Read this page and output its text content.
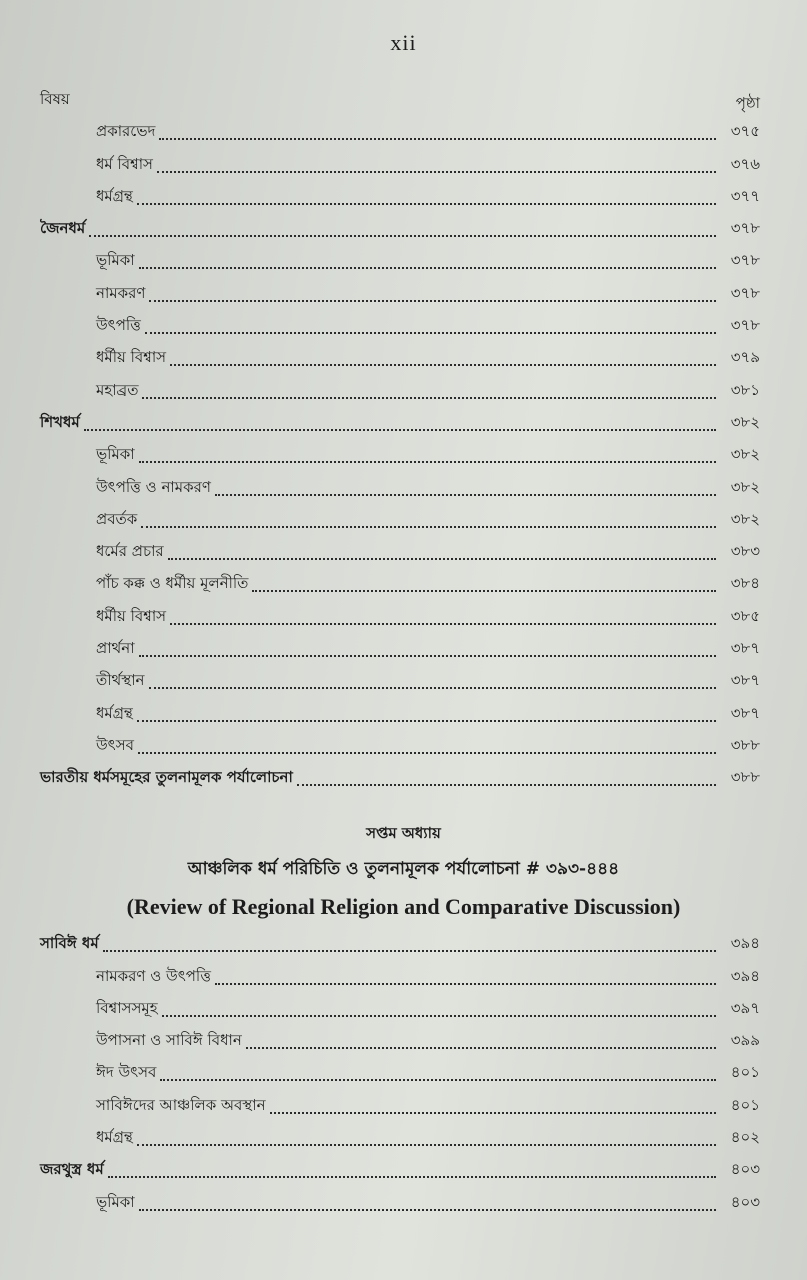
xii
বিষয়	পৃষ্ঠা
প্রকারভেদ	৩৭৫
ধর্ম বিশ্বাস	৩৭৬
ধর্মগ্রন্থ	৩৭৭
জৈনধর্ম	৩৭৮
ভূমিকা	৩৭৮
নামকরণ	৩৭৮
উৎপত্তি	৩৭৮
ধর্মীয় বিশ্বাস	৩৭৯
মহাব্রত	৩৮১
শিখধর্ম	৩৮২
ভূমিকা	৩৮২
উৎপত্তি ও নামকরণ	৩৮২
প্রবর্তক	৩৮২
ধর্মের প্রচার	৩৮৩
পাঁচ কক্ক ও ধর্মীয় মূলনীতি	৩৮৪
ধর্মীয় বিশ্বাস	৩৮৫
প্রার্থনা	৩৮৭
তীর্থস্থান	৩৮৭
ধর্মগ্রন্থ	৩৮৭
উৎসব	৩৮৮
ভারতীয় ধর্মসমূহের তুলনামূলক পর্যালোচনা	৩৮৮
সপ্তম অধ্যায়
আঞ্চলিক ধর্ম পরিচিতি ও তুলনামূলক পর্যালোচনা # ৩৯৩-৪৪৪
(Review of Regional Religion and Comparative Discussion)
সাবিঈ ধর্ম	৩৯৪
নামকরণ ও উৎপত্তি	৩৯৪
বিশ্বাসসমূহ	৩৯৭
উপাসনা ও সাবিঈ বিধান	৩৯৯
ঈদ উৎসব	৪০১
সাবিঈদের আঞ্চলিক অবস্থান	৪০১
ধর্মগ্রন্থ	৪০২
জরথুস্ত্র ধর্ম	৪০৩
ভূমিকা	৪০৩
